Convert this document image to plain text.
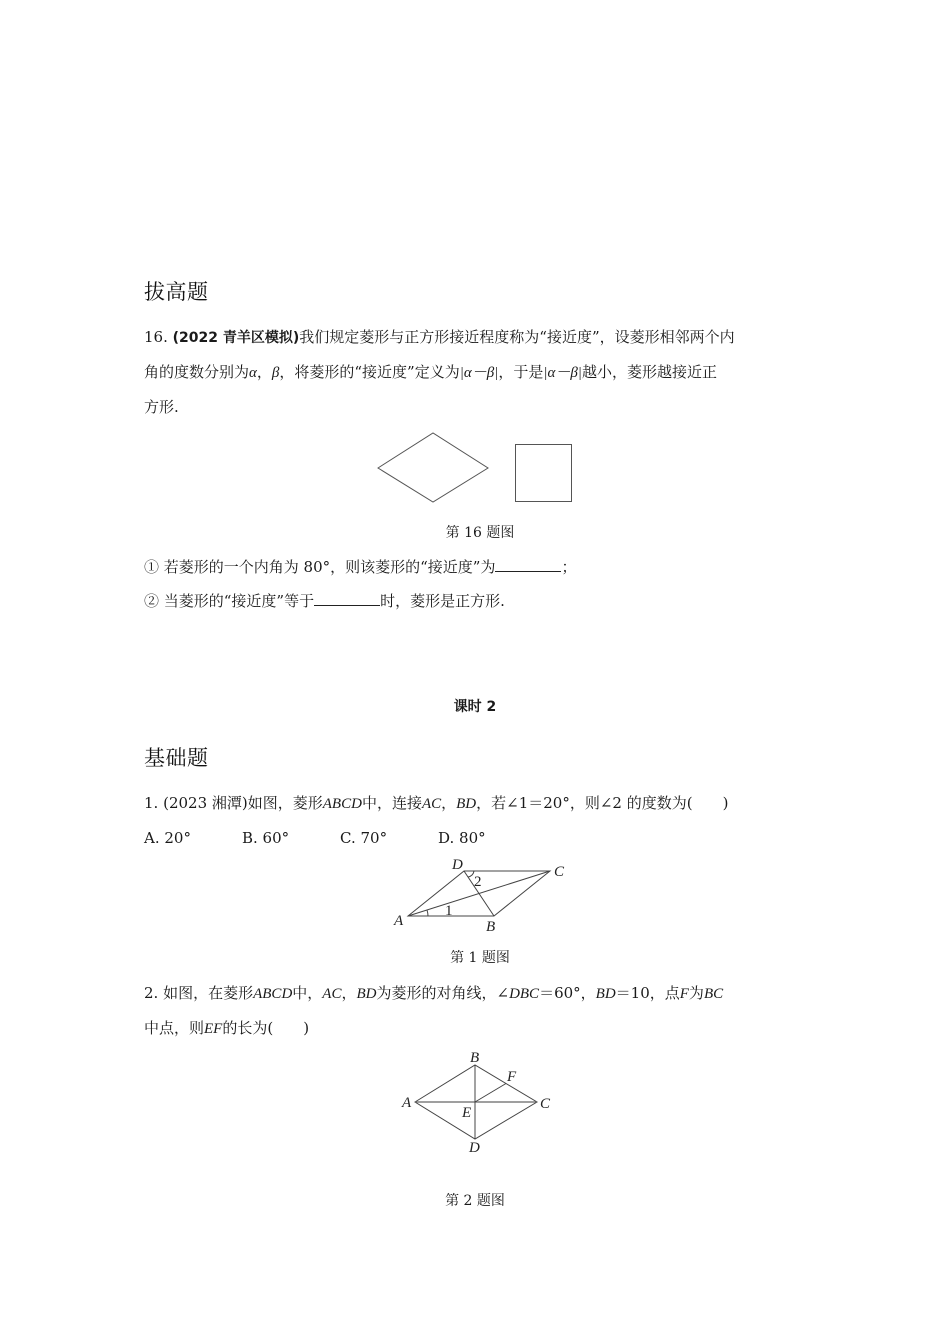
拔高题
16. (2022 青羊区模拟)我们规定菱形与正方形接近程度称为“接近度”，设菱形相邻两个内
角的度数分别为α，β，将菱形的“接近度”定义为|α－β|，于是|α－β|越小，菱形越接近正
方形.
第 16 题图
① 若菱形的一个内角为 80°，则该菱形的“接近度”为	；
② 当菱形的“接近度”等于	时，菱形是正方形.
课时 2
基础题
1. (2023 湘潭)如图，菱形ABCD中，连接AC，BD，若∠1＝20°，则∠2 的度数为(　　)
A. 20°	B. 60°	C. 70°	D. 80°
A	B
C
D
1
2
第 1 题图
2. 如图，在菱形ABCD中，AC，BD为菱形的对角线，∠DBC＝60°，BD＝10，点F为BC
中点，则EF的长为(　　)
A
B
C
D
E
F
第 2 题图
